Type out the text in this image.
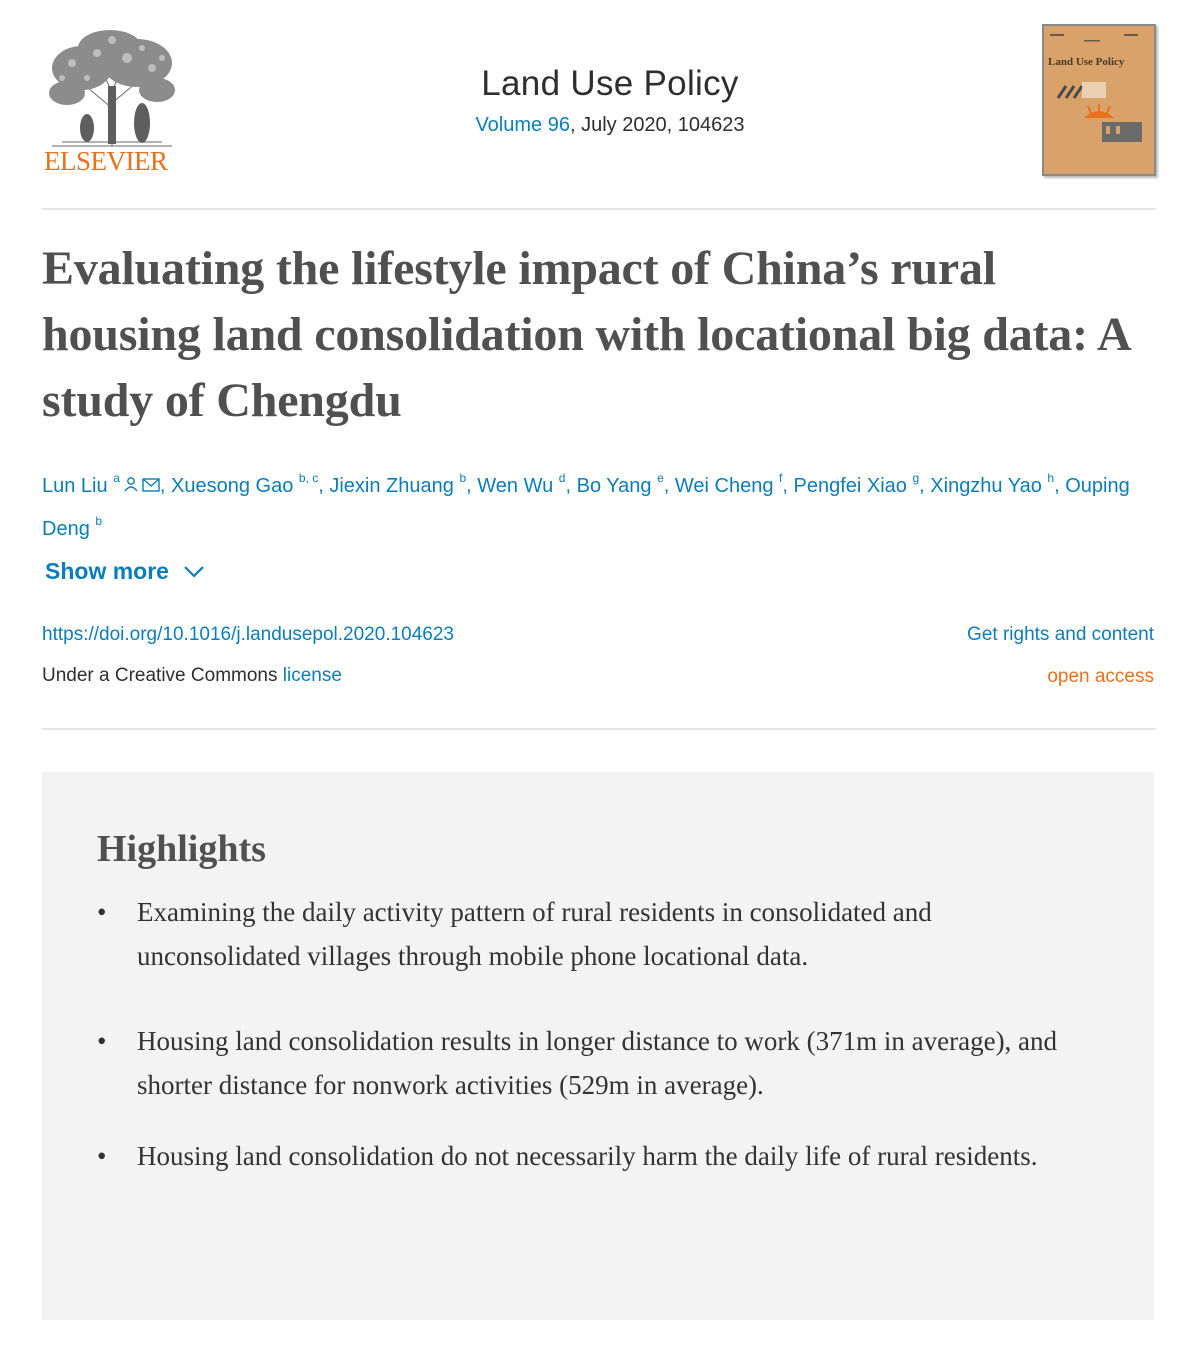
ELSEVIER
Land Use Policy
Volume 96, July 2020, 104623
Land Use Policy
Evaluating the lifestyle impact of China’s rural housing land consolidation with locational big data: A study of Chengdu
Lun Liu $^a$ , Xuesong Gao $^{b, c}$, Jiexin Zhuang $^b$, Wen Wu $^d$, Bo Yang $^e$, Wei Cheng $^f$, Pengfei Xiao $^g$, Xingzhu Yao $^h$, Ouping Deng $^b$
Show more
https://doi.org/10.1016/j.landusepol.2020.104623
Under a Creative Commons license
Get rights and content
open access
Highlights
• Examining the daily activity pattern of rural residents in consolidated and unconsolidated villages through mobile phone locational data.
• Housing land consolidation results in longer distance to work (371m in average), and shorter distance for nonwork activities (529m in average).
• Housing land consolidation do not necessarily harm the daily life of rural residents.
